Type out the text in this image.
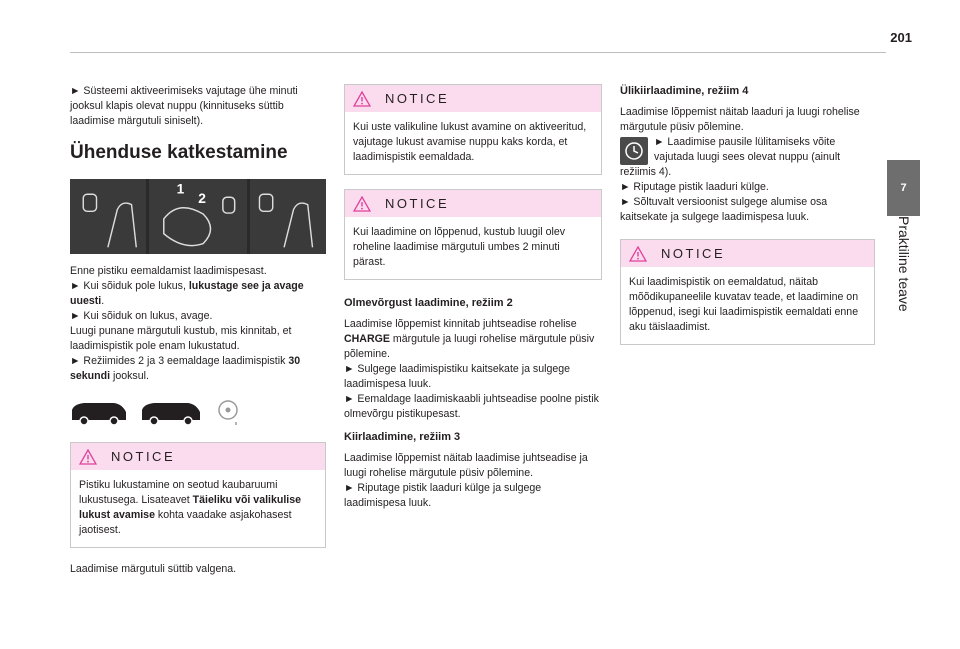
201
7
Praktiline teave

► Süsteemi aktiveerimiseks vajutage ühe minuti jooksul klapis olevat nuppu (kinnituseks süttib laadimise märgutuli siniselt).

Ühenduse katkestamine
1
2

Enne pistiku eemaldamist laadimispesast.

► Kui sõiduk pole lukus, lukustage see ja avage uuesti.

► Kui sõiduk on lukus, avage.

Luugi punane märgutuli kustub, mis kinnitab, et laadimispistik pole enam lukustatud.

► Režiimides 2 ja 3 eemaldage laadimispistik 30 sekundi jooksul.

NOTICE
Pistiku lukustamine on seotud kaubaruumi lukustusega. Lisateavet Täieliku või valikulise lukust avamise kohta vaadake asjakohasest jaotisest.

Laadimise märgutuli süttib valgena.

NOTICE
Kui uste valikuline lukust avamine on aktiveeritud, vajutage lukust avamise nuppu kaks korda, et laadimispistik eemaldada.
NOTICE
Kui laadimine on lõppenud, kustub luugil olev roheline laadimise märgutuli umbes 2 minuti pärast.
Olmevõrgust laadimine, režiim 2

Laadimise lõppemist kinnitab juhtseadise rohelise CHARGE märgutule ja luugi rohelise märgutule püsiv põlemine.

► Sulgege laadimispistiku kaitsekate ja sulgege laadimispesa luuk.

► Eemaldage laadimiskaabli juhtseadise poolne pistik olmevõrgu pistikupesast.

Kiirlaadimine, režiim 3

Laadimise lõppemist näitab laadimise juhtseadise ja luugi rohelise märgutule püsiv põlemine.

► Riputage pistik laaduri külge ja sulgege laadimispesa luuk.

Ülikiirlaadimine, režiim 4

Laadimise lõppemist näitab laaduri ja luugi rohelise märgutule püsiv põlemine.

► Laadimise pausile lülitamiseks võite vajutada luugi sees olevat nuppu (ainult režiimis 4).

► Riputage pistik laaduri külge.

► Sõltuvalt versioonist sulgege alumise osa kaitsekate ja sulgege laadimispesa luuk.

NOTICE
Kui laadimispistik on eemaldatud, näitab mõõdikupaneelile kuvatav teade, et laadimine on lõppenud, isegi kui laadimispistik eemaldati enne aku täislaadimist.
